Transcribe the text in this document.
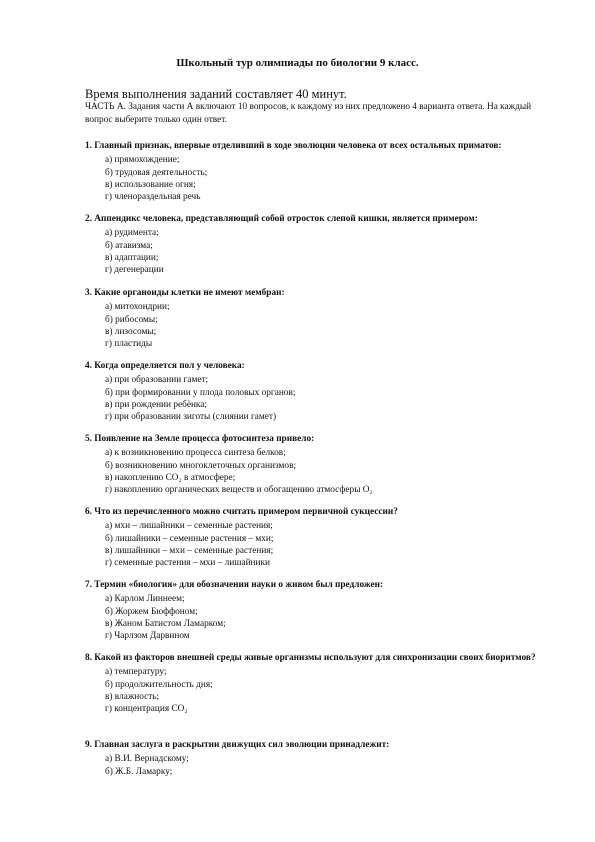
Школьный тур олимпиады по биологии 9 класс.
Время выполнения заданий составляет 40 минут.
ЧАСТЬ А. Задания части А включают 10 вопросов, к каждому из них предложено 4 варианта ответа. На каждый вопрос выберите только один ответ.

1. Главный признак, впервые отделивший в ходе эволюции человека от всех остальных приматов:

а) прямохождение;
б) трудовая деятельность;
в) использование огня;
г) членораздельная речь

2. Аппендикс человека, представляющий собой отросток слепой кишки, является примером:

а) рудимента;
б) атавизма;
в) адаптации;
г) дегенерации

3. Какие органоиды клетки не имеют мембран:

а) митохондрии;
б) рибосомы;
в) лизосомы;
г) пластиды

4. Когда определяется пол у человека:

а) при образовании гамет;
б) при формировании у плода половых органов;
в) при рождении ребёнка;
г) при образовании зиготы (слиянии гамет)

5. Появление на Земле процесса фотосинтеза привело:

а) к возникновению процесса синтеза белков;
б) возникновению многоклеточных организмов;
в) накоплению CO₂ в атмосфере;
г) накоплению органических веществ и обогащению атмосферы O₂

6. Что из перечисленного можно считать примером первичной сукцессии?

а) мхи – лишайники – семенные растения;
б) лишайники – семенные растения – мхи;
в) лишайники – мхи – семенные растения;
г) семенные растения – мхи – лишайники

7. Термин «биология» для обозначения науки о живом был предложен:

а) Карлом Линнеем;
б) Жоржем Бюффоном;
в) Жаном Батистом Ламарком;
г) Чарлзом Дарвином

8. Какой из факторов внешней среды живые организмы используют для синхронизации своих биоритмов?

а) температуру;
б) продолжительность дня;
в) влажность;
г) концентрация CO₂

9. Главная заслуга в раскрытии движущих сил эволюции принадлежит:

а) В.И. Вернадскому;
б) Ж.Б. Ламарку;
